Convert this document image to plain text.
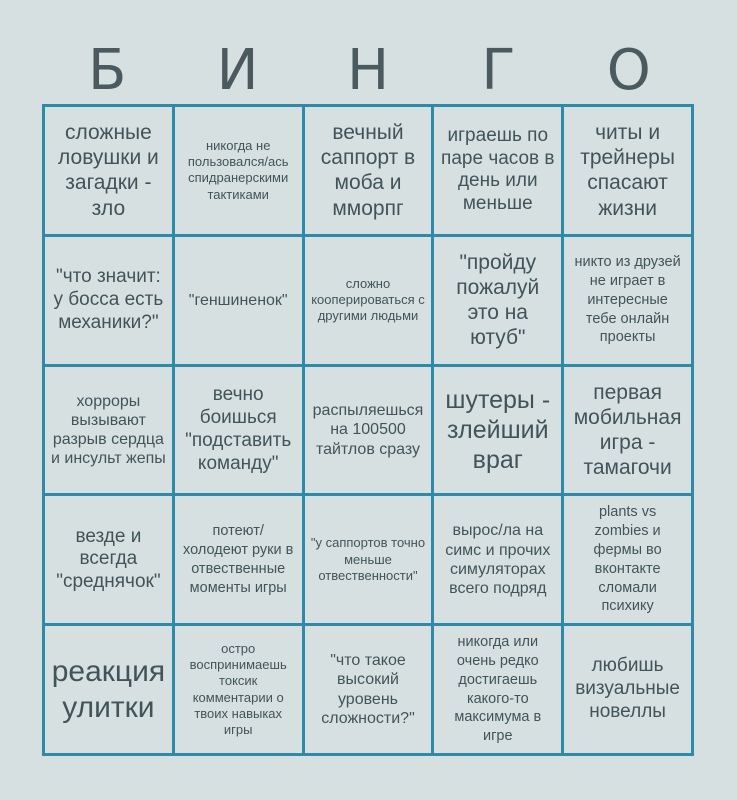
Б	И	Н	Г	О
сложные ловушки и загадки - зло
никогда не пользовался/ась спидранерскими тактиками
вечный саппорт в моба и мморпг
играешь по паре часов в день или меньше
читы и трейнеры спасают жизни
"что значит: у босса есть механики?"
"геншиненок"
сложно кооперироваться с другими людьми
"пройду пожалуй это на ютуб"
никто из друзей не играет в интересные тебе онлайн проекты
хорроры вызывают разрыв сердца и инсульт жепы
вечно боишься "подставить команду"
распыляешься на 100500 тайтлов сразу
шутеры - злейший враг
первая мобильная игра - тамагочи
везде и всегда "среднячок"
потеют/холодеют руки в отвественные моменты игры
"у саппортов точно меньше отвественности"
вырос/ла на симс и прочих симуляторах всего подряд
plants vs zombies и фермы во вконтакте сломали психику
реакция улитки
остро воспринимаешь токсик комментарии о твоих навыках игры
"что такое высокий уровень сложности?"
никогда или очень редко достигаешь какого-то максимума в игре
любишь визуальные новеллы
